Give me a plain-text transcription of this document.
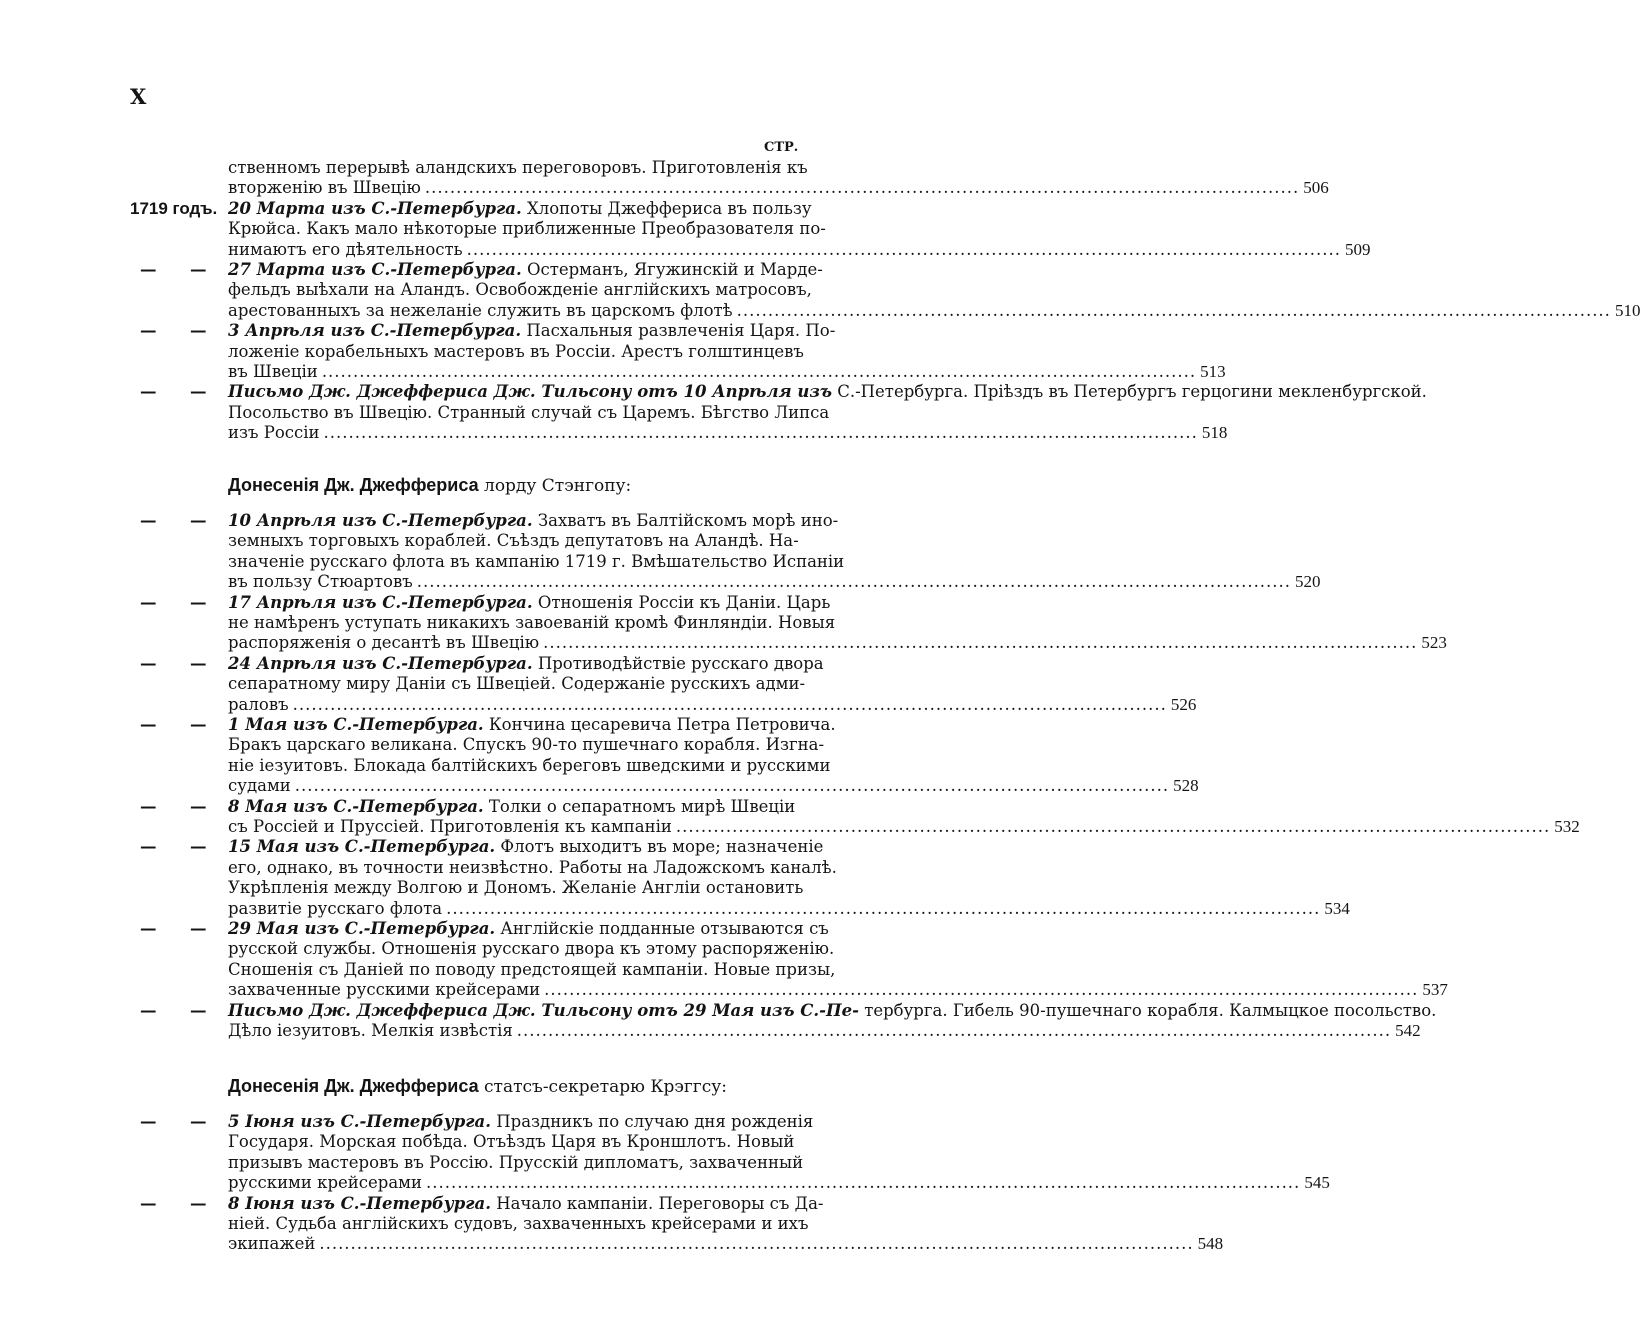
X
СТР.
ственномъ перерывѣ аландскихъ переговоровъ. Приготовленія къ
вторженію въ Швецію ............................................................................................................................................ 506
1719 годъ. 20 Марта изъ С.-Петербурга. Хлопоты Джеффериса въ пользу
Крюйса. Какъ мало нѣкоторые приближенные Преобразователя по-
нимаютъ его дѣятельность ............................................................................................................................................ 509
— — 27 Марта изъ С.-Петербурга. Остерманъ, Ягужинскій и Марде-
фельдъ выѣхали на Аландъ. Освобожденіе англійскихъ матросовъ,
арестованныхъ за нежеланіе служить въ царскомъ флотѣ ............................................................................................................................................ 510
— — 3 Апрѣля изъ С.-Петербурга. Пасхальныя развлеченія Царя. По-
ложеніе корабельныхъ мастеровъ въ Россіи. Арестъ голштинцевъ
въ Швеціи ............................................................................................................................................ 513
— — Письмо Дж. Джеффериса Дж. Тильсону отъ 10 Апрѣля изъ С.-Петербурга. Пріѣздъ въ Петербургъ герцогини мекленбургской.
Посольство въ Швецію. Странный случай съ Царемъ. Бѣгство Липса
изъ Россіи ............................................................................................................................................ 518
Донесенія Дж. Джеффериса лорду Стэнгопу:
— — 10 Апрѣля изъ С.-Петербурга. Захватъ въ Балтійскомъ морѣ ино-
земныхъ торговыхъ кораблей. Съѣздъ депутатовъ на Аландѣ. На-
значеніе русскаго флота въ кампанію 1719 г. Вмѣшательство Испаніи
въ пользу Стюартовъ ............................................................................................................................................ 520
— — 17 Апрѣля изъ С.-Петербурга. Отношенія Россіи къ Даніи. Царь
не намѣренъ уступать никакихъ завоеваній кромѣ Финляндіи. Новыя
распоряженія о десантѣ въ Швецію ............................................................................................................................................ 523
— — 24 Апрѣля изъ С.-Петербурга. Противодѣйствіе русскаго двора
сепаратному миру Даніи съ Швеціей. Содержаніе русскихъ адми-
раловъ ............................................................................................................................................ 526
— — 1 Мая изъ С.-Петербурга. Кончина цесаревича Петра Петровича.
Бракъ царскаго великана. Спускъ 90-то пушечнаго корабля. Изгна-
ніе іезуитовъ. Блокада балтійскихъ береговъ шведскими и русскими
судами ............................................................................................................................................ 528
— — 8 Мая изъ С.-Петербурга. Толки о сепаратномъ мирѣ Швеціи
съ Россіей и Пруссіей. Приготовленія къ кампаніи ............................................................................................................................................ 532
— — 15 Мая изъ С.-Петербурга. Флотъ выходитъ въ море; назначеніе
его, однако, въ точности неизвѣстно. Работы на Ладожскомъ каналѣ.
Укрѣпленія между Волгою и Дономъ. Желаніе Англіи остановить
развитіе русскаго флота ............................................................................................................................................ 534
— — 29 Мая изъ С.-Петербурга. Англійскіе подданные отзываются съ
русской службы. Отношенія русскаго двора къ этому распоряженію.
Сношенія съ Даніей по поводу предстоящей кампаніи. Новые призы,
захваченные русскими крейсерами ............................................................................................................................................ 537
— — Письмо Дж. Джеффериса Дж. Тильсону отъ 29 Мая изъ С.-Пе- тербурга. Гибель 90-пушечнаго корабля. Калмыцкое посольство.
Дѣло іезуитовъ. Мелкія извѣстія ............................................................................................................................................ 542
Донесенія Дж. Джеффериса статсъ-секретарю Крэггсу:
— — 5 Іюня изъ С.-Петербурга. Праздникъ по случаю дня рожденія
Государя. Морская побѣда. Отъѣздъ Царя въ Кроншлотъ. Новый
призывъ мастеровъ въ Россію. Прусскій дипломатъ, захваченный
русскими крейсерами ............................................................................................................................................ 545
— — 8 Іюня изъ С.-Петербурга. Начало кампаніи. Переговоры съ Да-
ніей. Судьба англійскихъ судовъ, захваченныхъ крейсерами и ихъ
экипажей ............................................................................................................................................ 548
